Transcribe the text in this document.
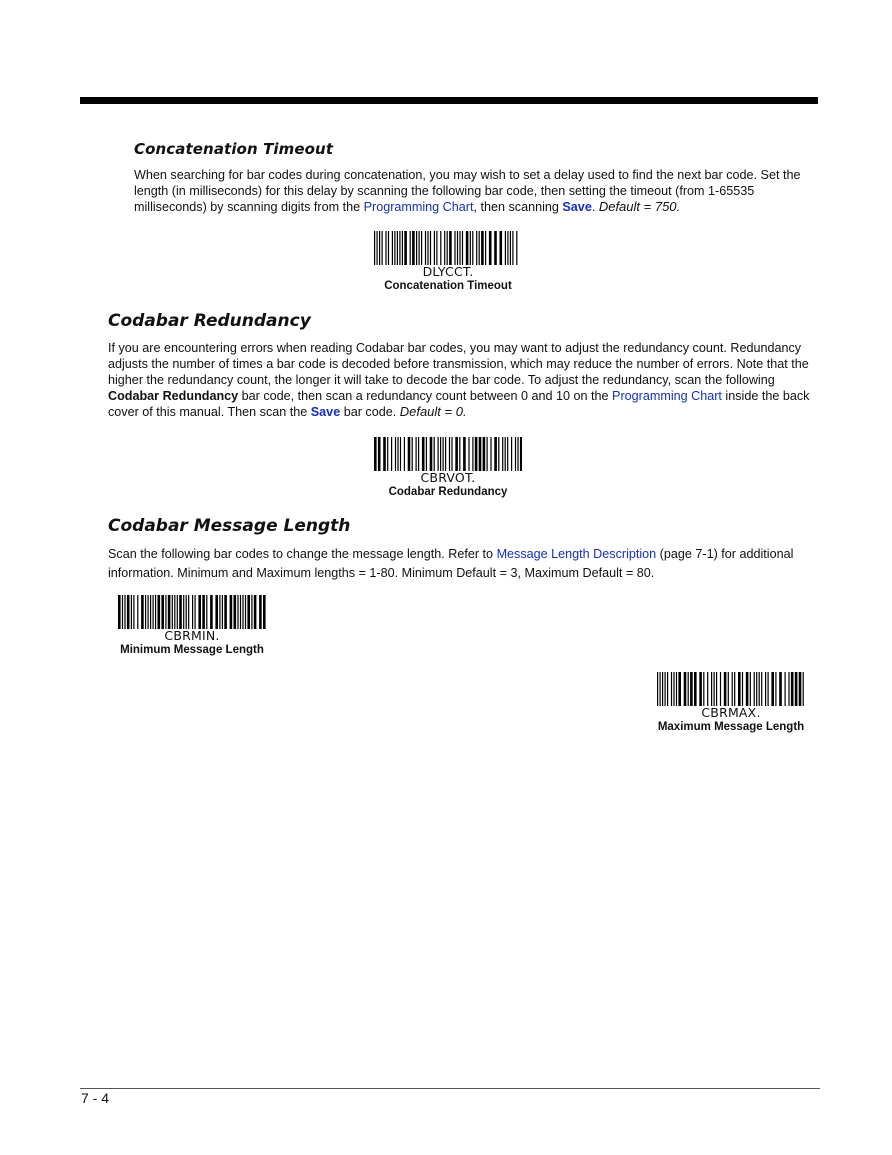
Concatenation Timeout

When searching for bar codes during concatenation, you may wish to set a delay used to find the next bar code. Set the length (in milliseconds) for this delay by scanning the following bar code, then setting the timeout (from 1-65535 milliseconds) by scanning digits from the Programming Chart, then scanning Save. Default = 750.

DLYCCT.
Concatenation Timeout
Codabar Redundancy

If you are encountering errors when reading Codabar bar codes, you may want to adjust the redundancy count. Redundancy adjusts the number of times a bar code is decoded before transmission, which may reduce the number of errors. Note that the higher the redundancy count, the longer it will take to decode the bar code. To adjust the redundancy, scan the following Codabar Redundancy bar code, then scan a redundancy count between 0 and 10 on the Programming Chart inside the back cover of this manual. Then scan the Save bar code. Default = 0.

CBRVOT.
Codabar Redundancy
Codabar Message Length

Scan the following bar codes to change the message length. Refer to Message Length Description (page 7-1) for additional information. Minimum and Maximum lengths = 1-80. Minimum Default = 3, Maximum Default = 80.

CBRMIN.
Minimum Message Length
CBRMAX.
Maximum Message Length
7 - 4
